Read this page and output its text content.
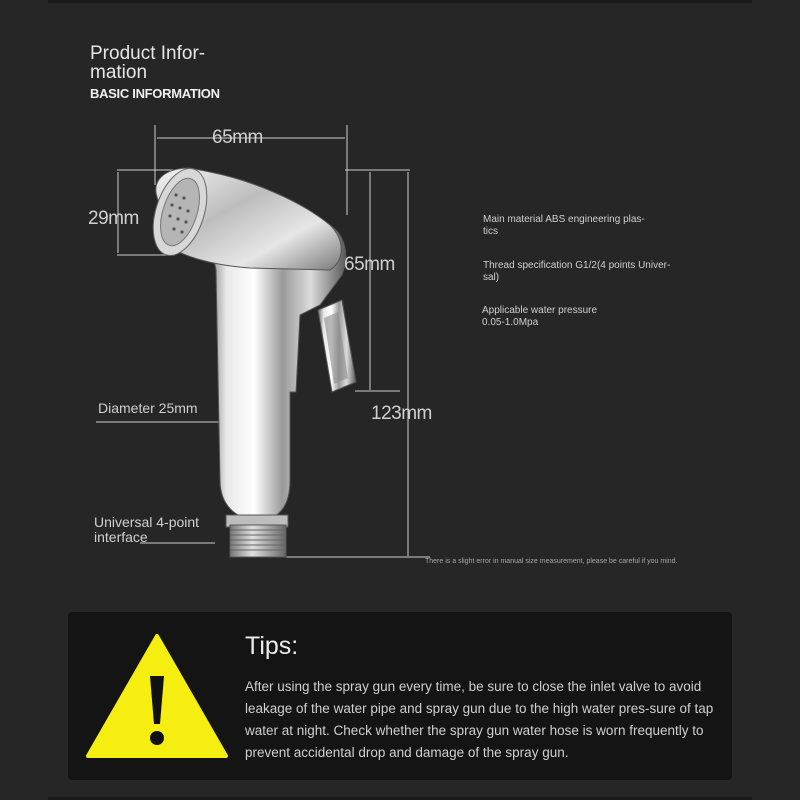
Product Infor-
mation
BASIC INFORMATION
65mm
29mm
65mm
123mm
Diameter 25mm
Universal 4-point
interface
Main material ABS engineering plas-
tics
Thread specification G1/2(4 points Univer-
sal)
Applicable water pressure
0.05-1.0Mpa
There is a slight error in manual size measurement, please be careful if you mind.
Tips:
After using the spray gun every time, be sure to close the inlet valve to avoid leakage of the water pipe and spray gun due to the high water pres-sure of tap water at night. Check whether the spray gun water hose is worn frequently to prevent accidental drop and damage of the spray gun.
